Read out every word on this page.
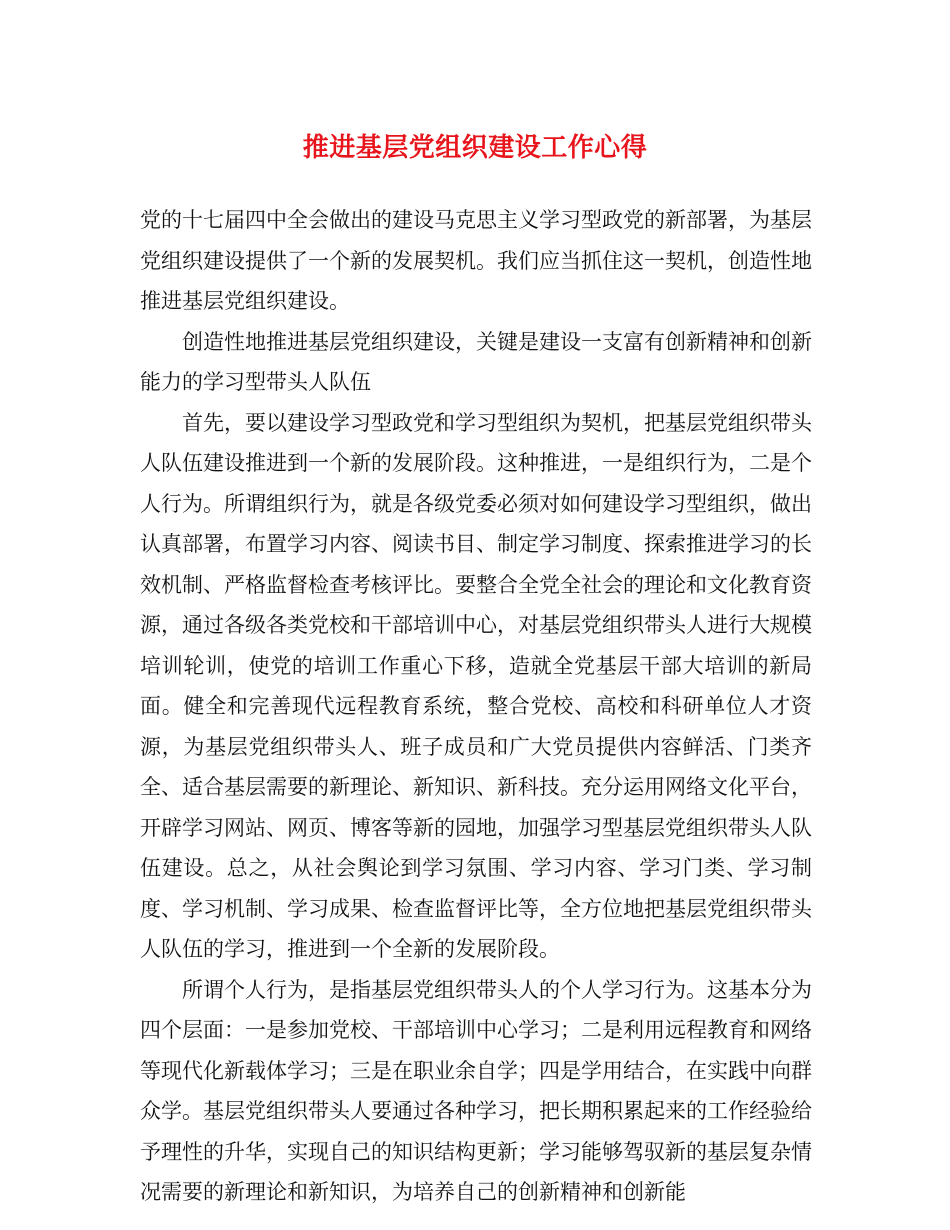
推进基层党组织建设工作心得

党的十七届四中全会做出的建设马克思主义学习型政党的新部署，为基层党组织建设提供了一个新的发展契机。我们应当抓住这一契机，创造性地推进基层党组织建设。

创造性地推进基层党组织建设，关键是建设一支富有创新精神和创新能力的学习型带头人队伍

首先，要以建设学习型政党和学习型组织为契机，把基层党组织带头人队伍建设推进到一个新的发展阶段。这种推进，一是组织行为，二是个人行为。所谓组织行为，就是各级党委必须对如何建设学习型组织，做出认真部署，布置学习内容、阅读书目、制定学习制度、探索推进学习的长效机制、严格监督检查考核评比。要整合全党全社会的理论和文化教育资源，通过各级各类党校和干部培训中心，对基层党组织带头人进行大规模培训轮训，使党的培训工作重心下移，造就全党基层干部大培训的新局面。健全和完善现代远程教育系统，整合党校、高校和科研单位人才资源，为基层党组织带头人、班子成员和广大党员提供内容鲜活、门类齐全、适合基层需要的新理论、新知识、新科技。充分运用网络文化平台，开辟学习网站、网页、博客等新的园地，加强学习型基层党组织带头人队伍建设。总之，从社会舆论到学习氛围、学习内容、学习门类、学习制度、学习机制、学习成果、检查监督评比等，全方位地把基层党组织带头人队伍的学习，推进到一个全新的发展阶段。

所谓个人行为，是指基层党组织带头人的个人学习行为。这基本分为四个层面：一是参加党校、干部培训中心学习；二是利用远程教育和网络等现代化新载体学习；三是在职业余自学；四是学用结合，在实践中向群众学。基层党组织带头人要通过各种学习，把长期积累起来的工作经验给予理性的升华，实现自己的知识结构更新；学习能够驾驭新的基层复杂情况需要的新理论和新知识，为培养自己的创新精神和创新能
